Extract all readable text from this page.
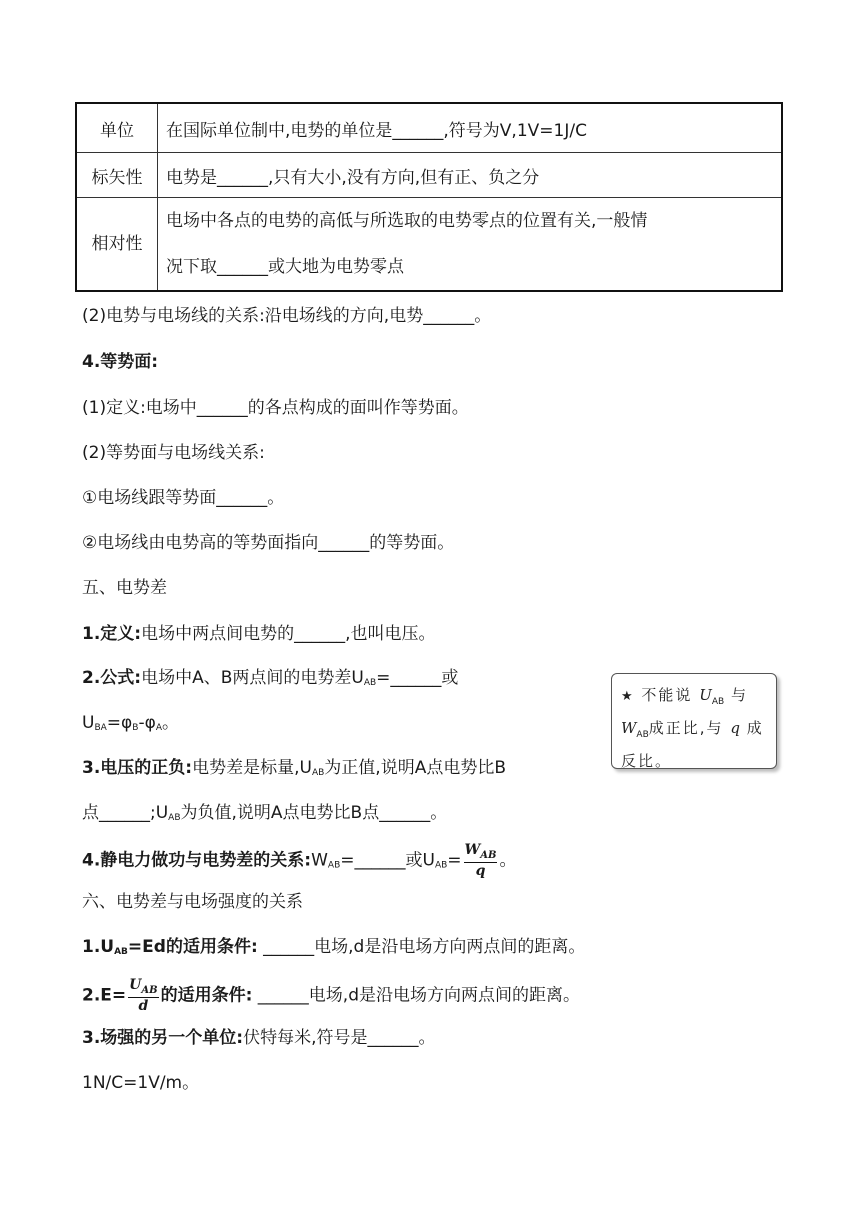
单位	在国际单位制中,电势的单位是______,符号为V,1V=1J/C
标矢性	电势是______,只有大小,没有方向,但有正、负之分
相对性	电场中各点的电势的高低与所选取的电势零点的位置有关,一般情
况下取______或大地为电势零点
(2)电势与电场线的关系:沿电场线的方向,电势______。
4.等势面:
(1)定义:电场中______的各点构成的面叫作等势面。
(2)等势面与电场线关系:
①电场线跟等势面______。
②电场线由电势高的等势面指向______的等势面。
五、电势差
1.定义:电场中两点间电势的______,也叫电压。
2.公式:电场中A、B两点间的电势差$U_{AB}=\_\_\_\_\_\_$或
$U_{BA}=\varphi_B-\varphi_A$。
3.电压的正负:电势差是标量$,U_{AB}$为正值,说明A点电势比B
点$\_\_\_\_\_\_;U_{AB}$为负值,说明A点电势比B点______。
4.静电力做功与电势差的关系$:W_{AB}=\_\_\_\_\_\_$或$U_{AB}= \frac{W_{AB}}{q}$ 。
六、电势差与电场强度的关系
$1.U_{AB}=Ed$的适用条件: ______电场,d是沿电场方向两点间的距离。
$2.E= \frac{U_{AB}}{d}$ 的适用条件: ______电场,d是沿电场方向两点间的距离。
3.场强的另一个单位:伏特每米,符号是______。
1N/C=1V/m。
★ 不能说 $U_{AB}$ 与
$W_{AB}$成正比,与 q 成
反比。
